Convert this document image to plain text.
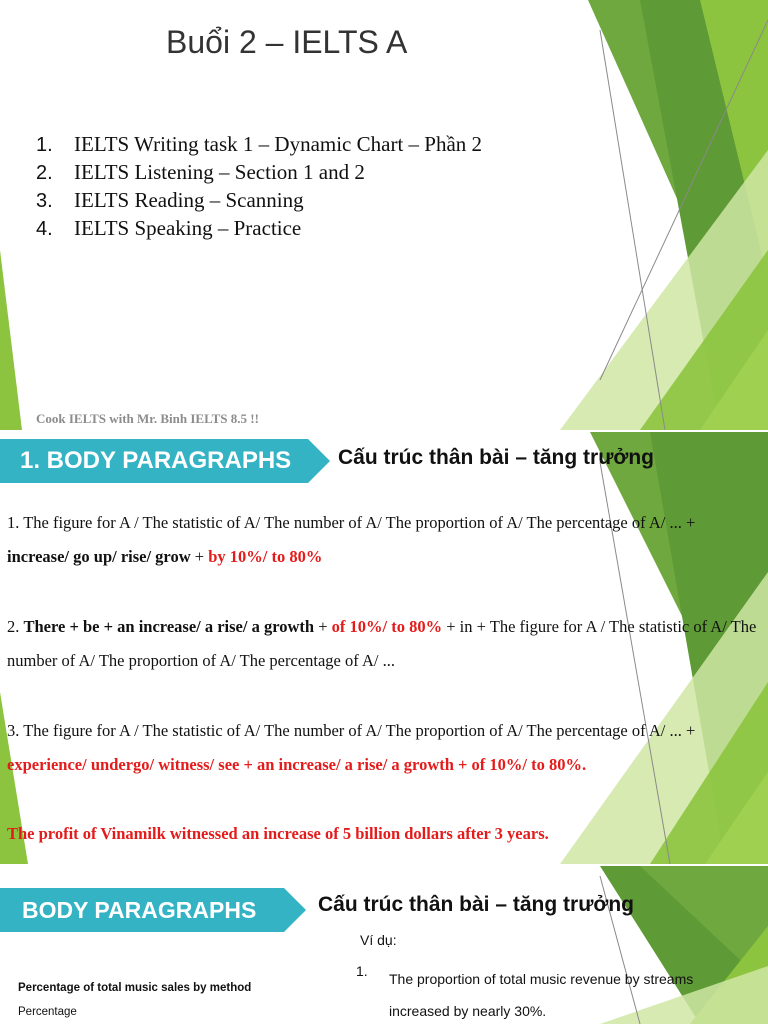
Buổi 2 – IELTS A
1. IELTS Writing task 1 – Dynamic Chart – Phần 2
2. IELTS Listening – Section 1 and 2
3. IELTS Reading – Scanning
4. IELTS Speaking – Practice
Cook IELTS with Mr. Binh IELTS 8.5 !!
1. BODY PARAGRAPHS	Cấu trúc thân bài – tăng trưởng
1. The figure for A / The statistic of A/ The number of A/ The proportion of A/ The percentage of A/ ... + increase/ go up/ rise/ grow + by 10%/ to 80%
2. There + be + an increase/ a rise/ a growth + of 10%/ to 80% + in + The figure for A / The statistic of A/ The number of A/ The proportion of A/ The percentage of A/ ...
3. The figure for A / The statistic of A/ The number of A/ The proportion of A/ The percentage of A/ ... + experience/ undergo/ witness/ see + an increase/ a rise/ a growth + of 10%/ to 80%.
The profit of Vinamilk witnessed an increase of 5 billion dollars after 3 years.
BODY PARAGRAPHS	Cấu trúc thân bài – tăng trưởng
Ví dụ:
1. The proportion of total music revenue by streams increased by nearly 30%.
Percentage of total music sales by method
Percentage
